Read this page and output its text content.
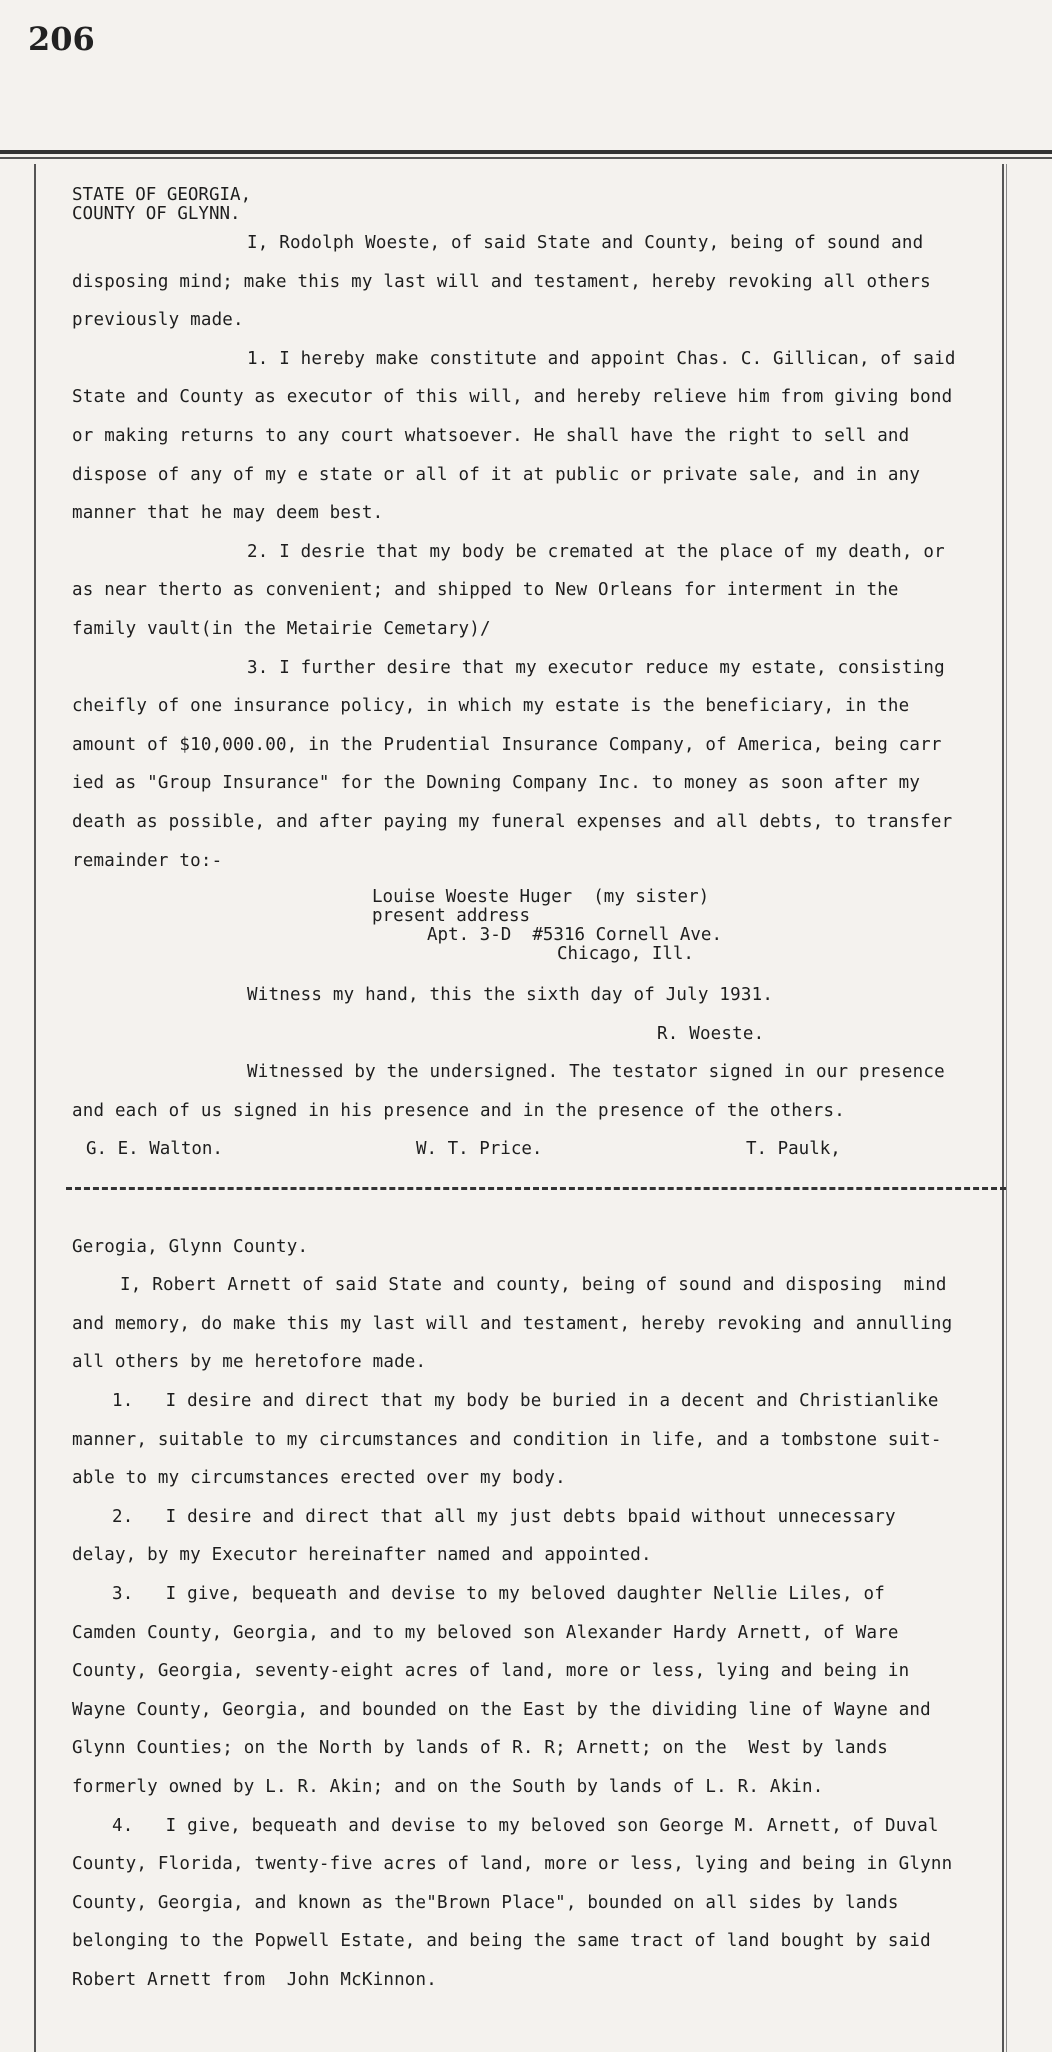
206
STATE OF GEORGIA,
COUNTY OF GLYNN.
I, Rodolph Woeste, of said State and County, being of sound and
disposing mind; make this my last will and testament, hereby revoking all others
previously made.
1. I hereby make constitute and appoint Chas. C. Gillican, of said
State and County as executor of this will, and hereby relieve him from giving bond
or making returns to any court whatsoever. He shall have the right to sell and
dispose of any of my e state or all of it at public or private sale, and in any
manner that he may deem best.
2. I desrie that my body be cremated at the place of my death, or
as near therto as convenient; and shipped to New Orleans for interment in the
family vault(in the Metairie Cemetary)/
3. I further desire that my executor reduce my estate, consisting
cheifly of one insurance policy, in which my estate is the beneficiary, in the
amount of $10,000.00, in the Prudential Insurance Company, of America, being carr
ied as "Group Insurance" for the Downing Company Inc. to money as soon after my
death as possible, and after paying my funeral expenses and all debts, to transfer
remainder to:-
Louise Woeste Huger  (my sister)
present address
Apt. 3-D  #5316 Cornell Ave.
Chicago, Ill.
Witness my hand, this the sixth day of July 1931.
R. Woeste.
Witnessed by the undersigned. The testator signed in our presence
and each of us signed in his presence and in the presence of the others.
G. E. Walton.	W. T. Price.	T. Paulk,
Gerogia, Glynn County.
I, Robert Arnett of said State and county, being of sound and disposing  mind
and memory, do make this my last will and testament, hereby revoking and annulling
all others by me heretofore made.
1.   I desire and direct that my body be buried in a decent and Christianlike
manner, suitable to my circumstances and condition in life, and a tombstone suit-
able to my circumstances erected over my body.
2.   I desire and direct that all my just debts bpaid without unnecessary
delay, by my Executor hereinafter named and appointed.
3.   I give, bequeath and devise to my beloved daughter Nellie Liles, of
Camden County, Georgia, and to my beloved son Alexander Hardy Arnett, of Ware
County, Georgia, seventy-eight acres of land, more or less, lying and being in
Wayne County, Georgia, and bounded on the East by the dividing line of Wayne and
Glynn Counties; on the North by lands of R. R; Arnett; on the  West by lands
formerly owned by L. R. Akin; and on the South by lands of L. R. Akin.
4.   I give, bequeath and devise to my beloved son George M. Arnett, of Duval
County, Florida, twenty-five acres of land, more or less, lying and being in Glynn
County, Georgia, and known as the"Brown Place", bounded on all sides by lands
belonging to the Popwell Estate, and being the same tract of land bought by said
Robert Arnett from  John McKinnon.
